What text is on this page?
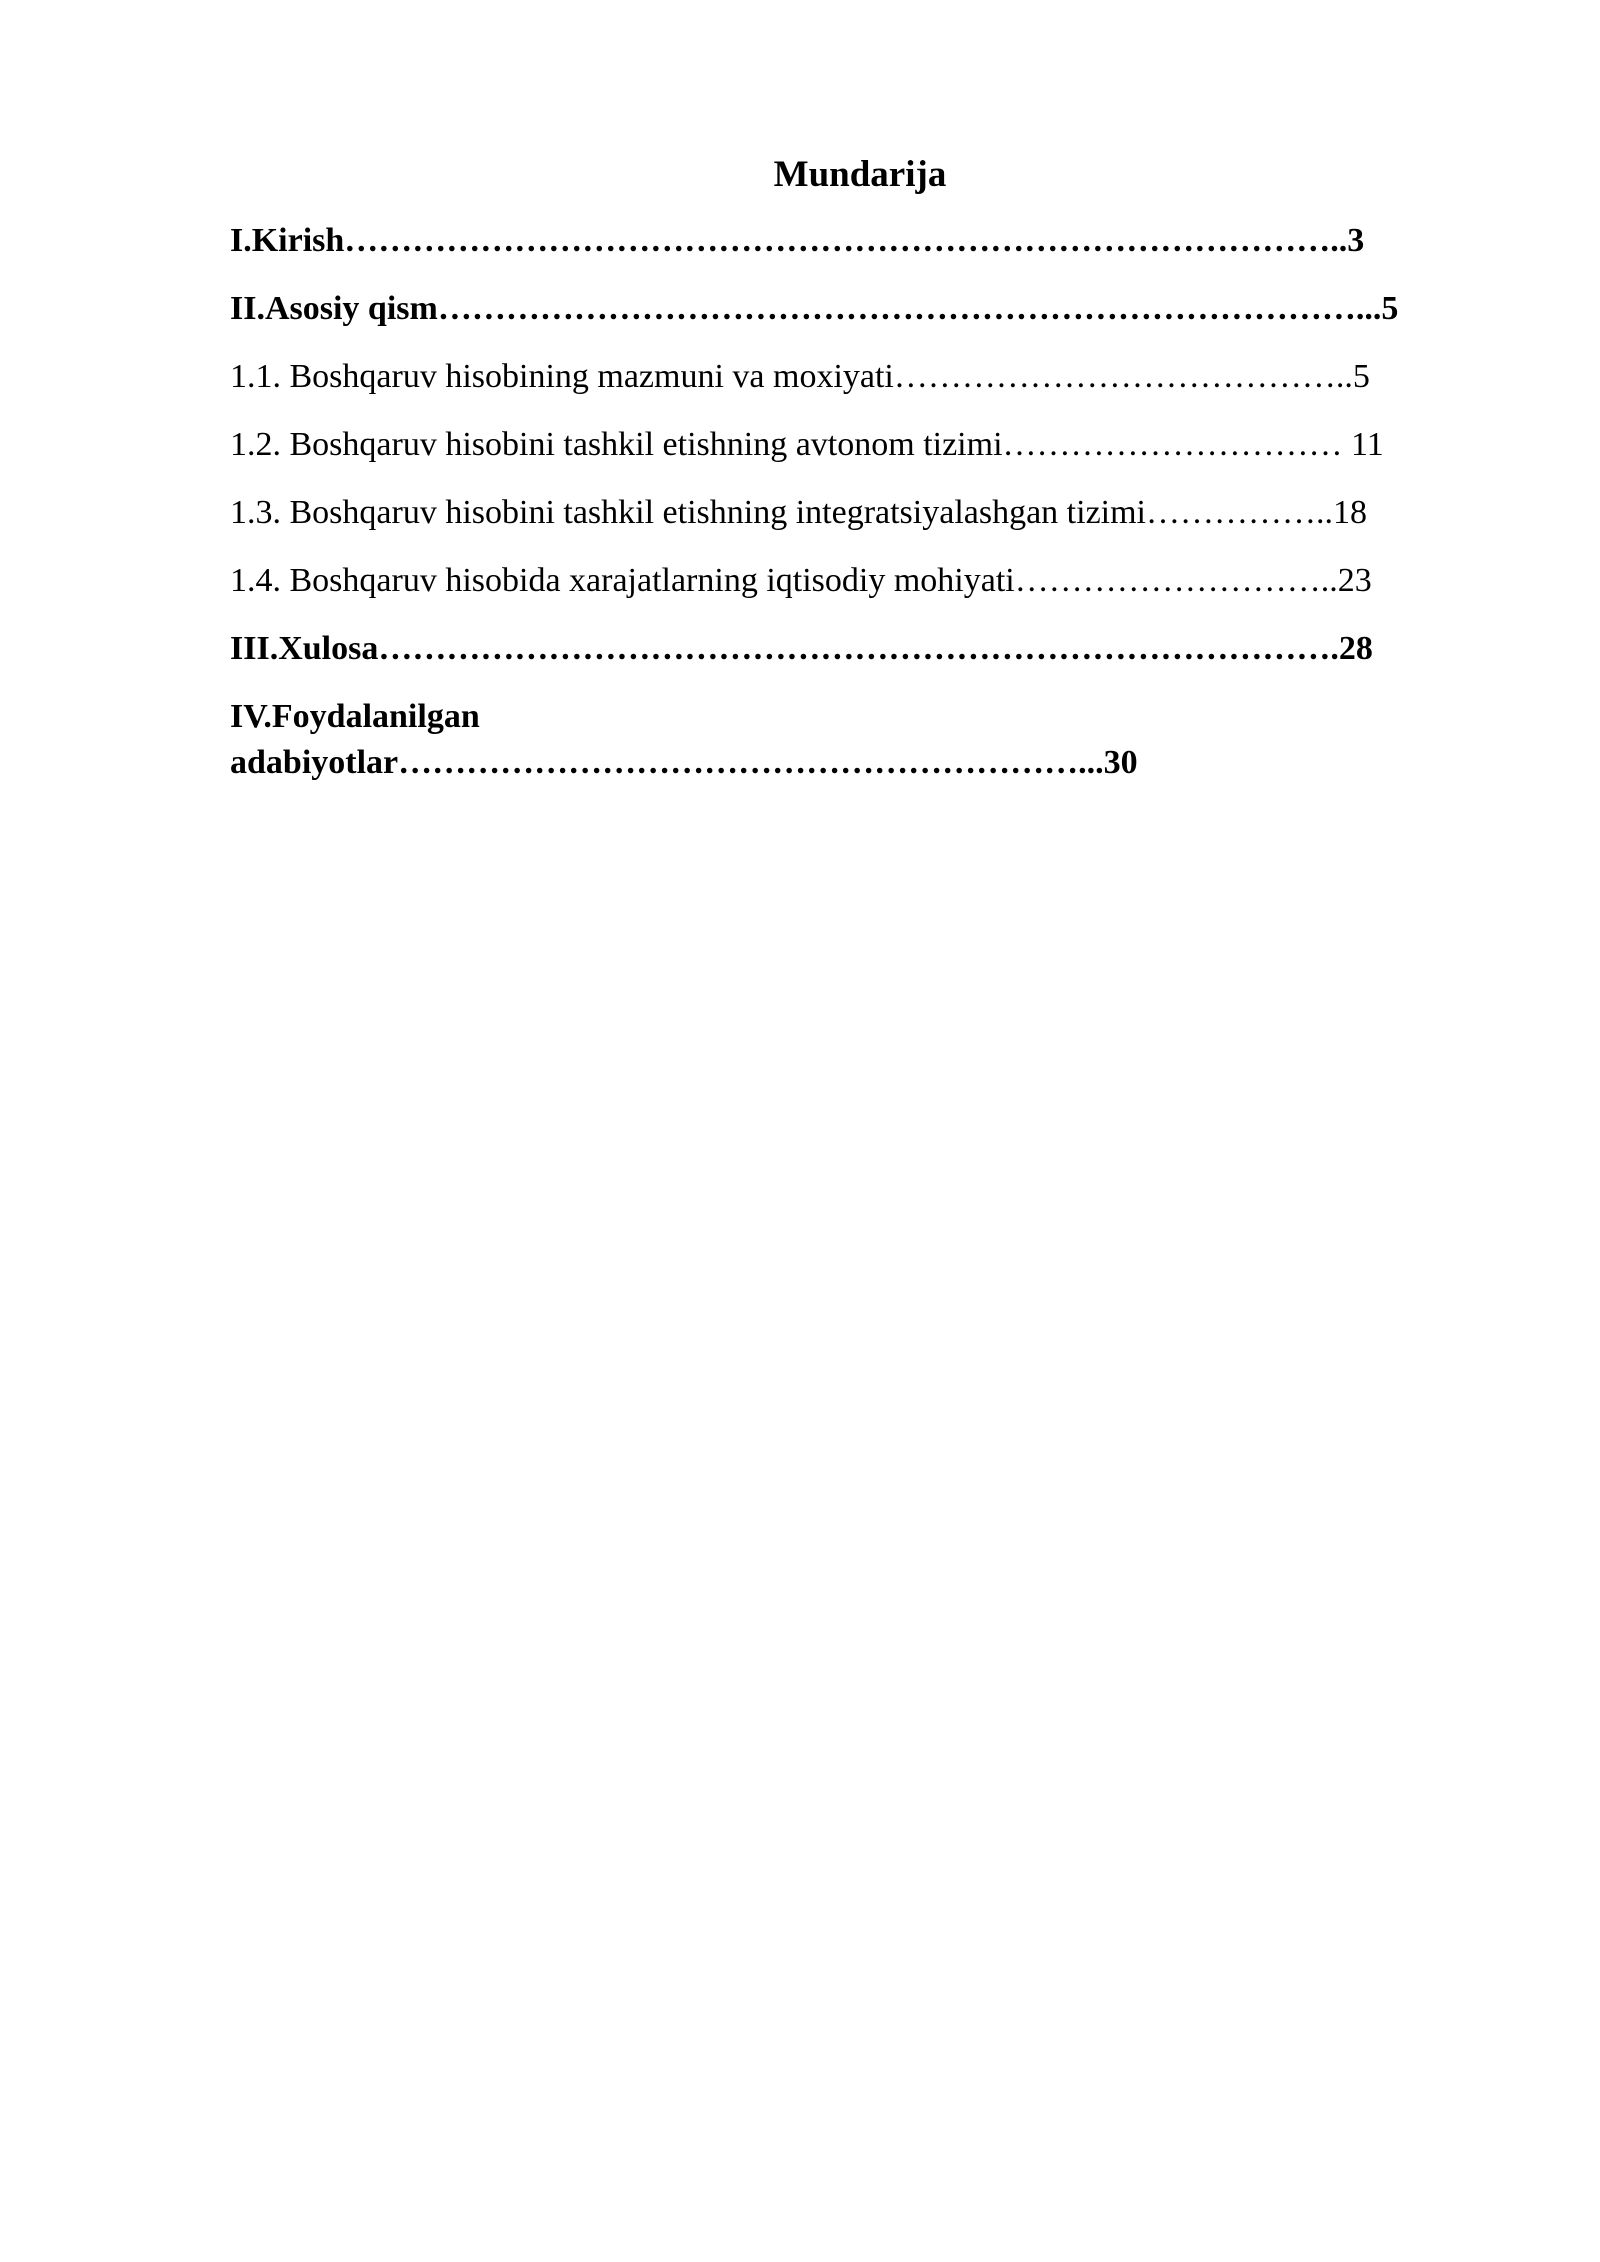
Mundarija
I.Kirish……………………………………………………………………………..3
II.Asosiy qism………………………………………………………………………...5
1.1. Boshqaruv hisobining mazmuni va moxiyati…………………………………..5
1.2. Boshqaruv hisobini tashkil etishning avtonom tizimi………………………… 11
1.3. Boshqaruv hisobini tashkil etishning integratsiyalashgan tizimi……………..18
1.4. Boshqaruv hisobida xarajatlarning iqtisodiy mohiyati………………………..23
III.Xulosa………………………………………………………………………….28
IV.Foydalanilgan adabiyotlar……………………………………………………...30
